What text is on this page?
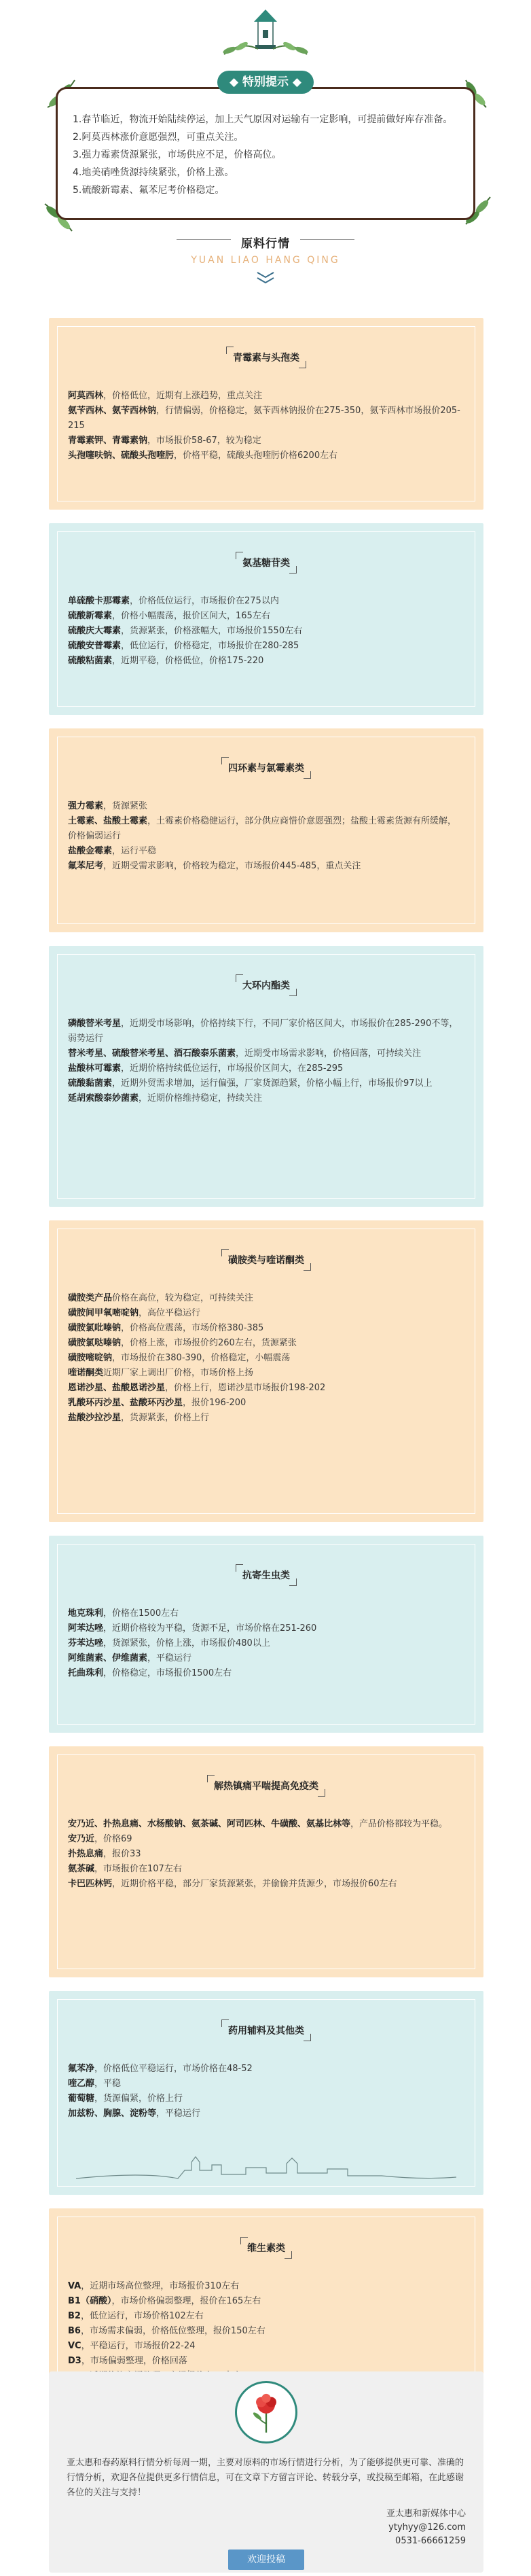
◆ 特别提示 ◆

1.春节临近，物流开始陆续停运，加上天气原因对运输有一定影响，可提前做好库存准备。

2.阿莫西林涨价意愿强烈，可重点关注。

3.强力霉素货源紧张，市场供应不足，价格高位。

4.地美硝唑货源持续紧张，价格上涨。

5.硫酸新霉素、氟苯尼考价格稳定。

原料行情
YUAN LIAO HANG QING
青霉素与头孢类
阿莫西林，价格低位，近期有上涨趋势，重点关注
氨苄西林、氨苄西林钠，行情偏弱，价格稳定，氨苄西林钠报价在275-350，氨苄西林市场报价205-215
青霉素钾、青霉素钠，市场报价58-67，较为稳定
头孢噻呋钠、硫酸头孢喹肟，价格平稳，硫酸头孢喹肟价格6200左右
氨基糖苷类
单硫酸卡那霉素，价格低位运行，市场报价在275以内
硫酸新霉素，价格小幅震荡，报价区间大，165左右
硫酸庆大霉素，货源紧张，价格涨幅大，市场报价1550左右
硫酸安普霉素，低位运行，价格稳定，市场报价在280-285
硫酸粘菌素，近期平稳，价格低位，价格175-220
四环素与氯霉素类
强力霉素，货源紧张
土霉素、盐酸土霉素，土霉素价格稳健运行，部分供应商惜价意愿强烈；盐酸土霉素货源有所缓解，价格偏弱运行
盐酸金霉素，运行平稳
氟苯尼考，近期受需求影响，价格较为稳定，市场报价445-485，重点关注
大环内酯类
磷酸替米考星，近期受市场影响，价格持续下行，不同厂家价格区间大，市场报价在285-290不等，弱势运行
替米考星、硫酸替米考星、酒石酸泰乐菌素，近期受市场需求影响，价格回落，可持续关注
盐酸林可霉素，近期价格持续低位运行，市场报价区间大，在285-295
硫酸黏菌素，近期外贸需求增加，运行偏强，厂家货源趋紧，价格小幅上行，市场报价97以上
延胡索酸泰妙菌素，近期价格维持稳定，持续关注
磺胺类与喹诺酮类
磺胺类产品价格在高位，较为稳定，可持续关注
磺胺间甲氧嘧啶钠，高位平稳运行
磺胺氯吡嗪钠，价格高位震荡，市场价格380-385
磺胺氯哒嗪钠，价格上涨，市场报价约260左右，货源紧张
磺胺嘧啶钠，市场报价在380-390，价格稳定，小幅震荡
喹诺酮类近期厂家上调出厂价格，市场价格上扬
恩诺沙星、盐酸恩诺沙星，价格上行，恩诺沙星市场报价198-202
乳酸环丙沙星、盐酸环丙沙星，报价196-200
盐酸沙拉沙星，货源紧张，价格上行
抗寄生虫类
地克珠利，价格在1500左右
阿苯达唑，近期价格较为平稳，货源不足，市场价格在251-260
芬苯达唑，货源紧张，价格上涨，市场报价480以上
阿维菌素、伊维菌素，平稳运行
托曲珠利，价格稳定，市场报价1500左右
解热镇痛平喘提高免疫类
安乃近、扑热息痛、水杨酸钠、氨茶碱、阿司匹林、牛磺酸、氨基比林等，产品价格都较为平稳。
安乃近，价格69
扑热息痛，报价33
氨茶碱，市场报价在107左右
卡巴匹林钙，近期价格平稳，部分厂家货源紧张，并偷偷并货源少，市场报价60左右
药用辅料及其他类
氟苯净，价格低位平稳运行，市场价格在48-52
喹乙醇，平稳
葡萄糖，货源偏紧，价格上行
加兹粉、胸腺、淀粉等，平稳运行
维生素类
VA，近期市场高位整理，市场报价310左右
B1（硝酸），市场价格偏弱整理，报价在165左右
B2，低位运行，市场价格102左右
B6，市场需求偏弱，价格低位整理，报价150左右
VC，平稳运行，市场报价22-24
D3，市场偏弱整理，价格回落
亚太惠和春药原料行情分析每周一期，主要对原料的市场行情进行分析，为了能够提供更可靠、准确的行情分析，欢迎各位提供更多行情信息，可在文章下方留言评论、转载分享，或投稿至邮箱，在此感谢各位的关注与支持！
亚太惠和新媒体中心
ytyhyy@126.com
0531-66661259
欢迎投稿
